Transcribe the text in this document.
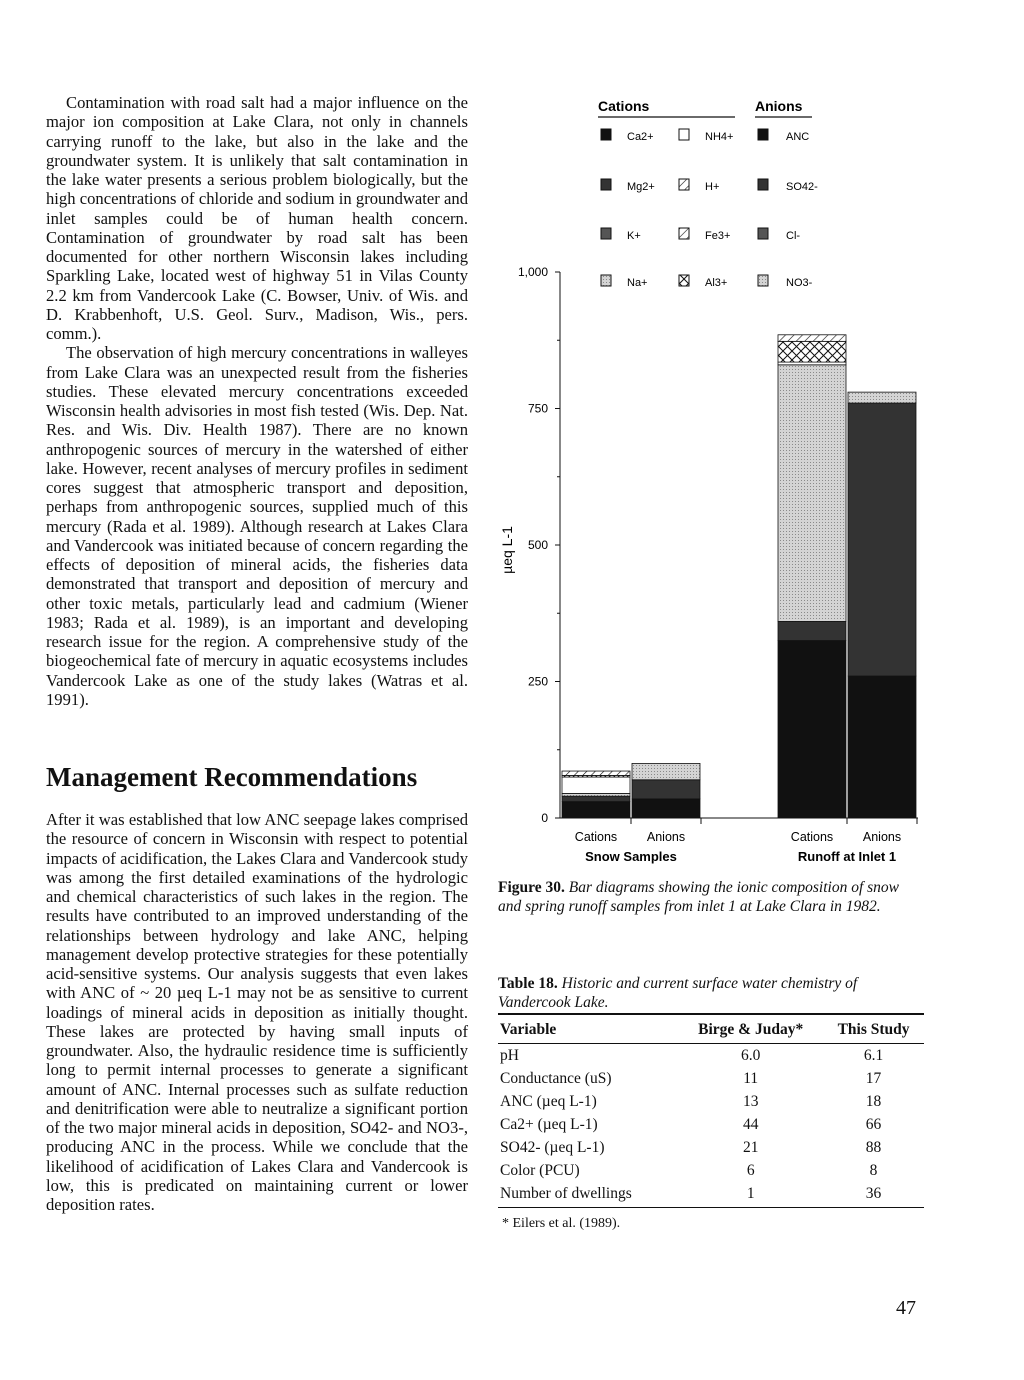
Contamination with road salt had a major influence on the major ion composition at Lake Clara, not only in channels carrying runoff to the lake, but also in the lake and the groundwater system. It is unlikely that salt contamination in the lake water presents a serious problem biologically, but the high concentrations of chloride and sodium in groundwater and inlet samples could be of human health concern. Contamination of groundwater by road salt has been documented for other northern Wisconsin lakes including Sparkling Lake, located west of highway 51 in Vilas County 2.2 km from Vandercook Lake (C. Bowser, Univ. of Wis. and D. Krabbenhoft, U.S. Geol. Surv., Madison, Wis., pers. comm.).

The observation of high mercury concentrations in walleyes from Lake Clara was an unexpected result from the fisheries studies. These elevated mercury concentrations exceeded Wisconsin health advisories in most fish tested (Wis. Dep. Nat. Res. and Wis. Div. Health 1987). There are no known anthropogenic sources of mercury in the watershed of either lake. However, recent analyses of mercury profiles in sediment cores suggest that atmospheric transport and deposition, perhaps from anthropogenic sources, supplied much of this mercury (Rada et al. 1989). Although research at Lakes Clara and Vandercook was initiated because of concern regarding the effects of deposition of mineral acids, the fisheries data demonstrated that transport and deposition of mercury and other toxic metals, particularly lead and cadmium (Wiener 1983; Rada et al. 1989), is an important and developing research issue for the region. A comprehensive study of the biogeochemical fate of mercury in aquatic ecosystems includes Vandercook Lake as one of the study lakes (Watras et al. 1991).

Management Recommendations

After it was established that low ANC seepage lakes comprised the resource of concern in Wisconsin with respect to potential impacts of acidification, the Lakes Clara and Vandercook study was among the first detailed examinations of the hydrologic and chemical characteristics of such lakes in the region. The results have contributed to an improved understanding of the relationships between hydrology and lake ANC, helping management develop protective strategies for these potentially acid-sensitive systems. Our analysis suggests that even lakes with ANC of ~ 20 µeq L-1 may not be as sensitive to current loadings of mineral acids in deposition as initially thought. These lakes are protected by having small inputs of groundwater. Also, the hydraulic residence time is sufficiently long to permit internal processes to generate a significant amount of ANC. Internal processes such as sulfate reduction and denitrification were able to neutralize a significant portion of the two major mineral acids in deposition, SO42- and NO3-, producing ANC in the process. While we conclude that the likelihood of acidification of Lakes Clara and Vandercook is low, this is predicated on maintaining current or lower deposition rates.

Cations	Anions
Ca2+	NH4+
Mg2+	H+
K+	Fe3+
Na+	Al3+
ANC
SO42-
Cl-
NO3-
0
250
500
750
1,000
µeq L-1
Cations Anions
Snow Samples
Cations Anions
Runoff at Inlet 1

Figure 30. Bar diagrams showing the ionic composition of snow and spring runoff samples from inlet 1 at Lake Clara in 1982.

Table 18. Historic and current surface water chemistry of Vandercook Lake.

Variable	Birge & Juday*	This Study
pH	6.0	6.1
Conductance (uS)	11	17
ANC (µeq L-1)	13	18
Ca2+ (µeq L-1)	44	66
SO42- (µeq L-1)	21	88
Color (PCU)	6	8
Number of dwellings	1	36
* Eilers et al. (1989).
47
